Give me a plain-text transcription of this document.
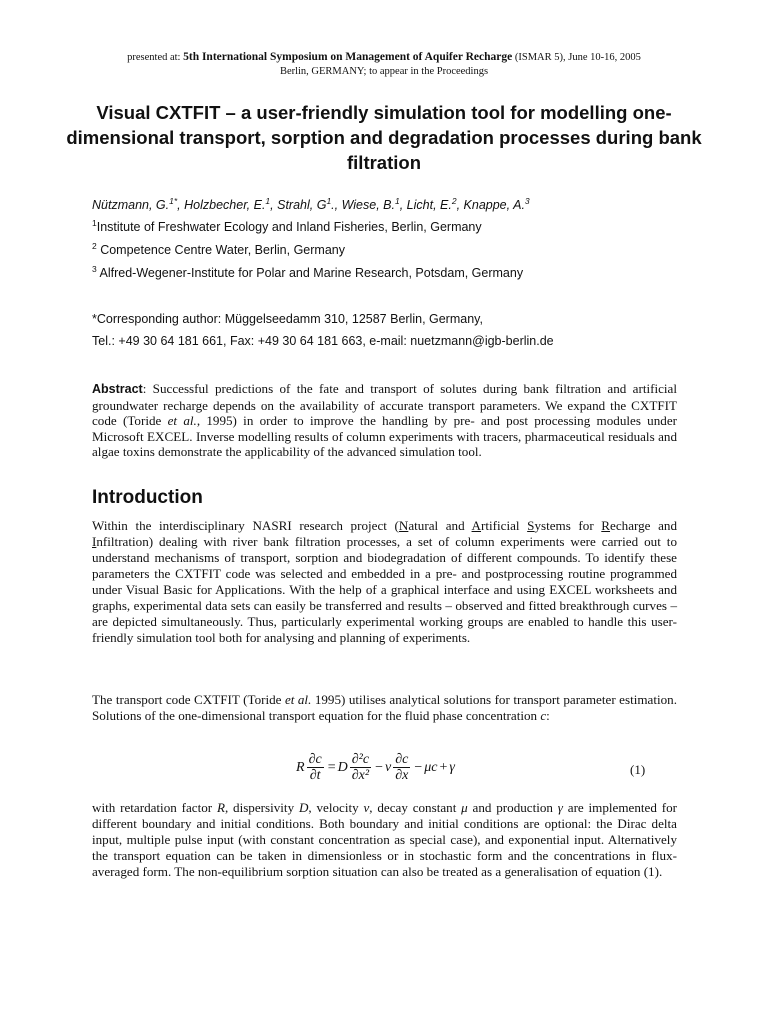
presented at: 5th International Symposium on Management of Aquifer Recharge (ISMAR 5), June 10-16, 2005
Berlin, GERMANY; to appear in the Proceedings
Visual CXTFIT – a user-friendly simulation tool for modelling one-dimensional transport, sorption and degradation processes during bank filtration
Nützmann, G.$^{1*}$, Holzbecher, E.$^1$, Strahl, $G^1$., Wiese, B.$^1$, Licht, E.$^2$, Knappe, A.$^3$
$^1$Institute of Freshwater Ecology and Inland Fisheries, Berlin, Germany
$^2$ Competence Centre Water, Berlin, Germany
$^3$ Alfred-Wegener-Institute for Polar and Marine Research, Potsdam, Germany
*Corresponding author: Müggelseedamm 310, 12587 Berlin, Germany,
Tel.: +49 30 64 181 661, Fax: +49 30 64 181 663, e-mail: nuetzmann@igb-berlin.de
Abstract: Successful predictions of the fate and transport of solutes during bank filtration and artificial groundwater recharge depends on the availability of accurate transport parameters. We expand the CXTFIT code (Toride et al., 1995) in order to improve the handling by pre- and post processing modules under Microsoft EXCEL. Inverse modelling results of column experiments with tracers, pharmaceutical residuals and algae toxins demonstrate the applicability of the advanced simulation tool.
Introduction
Within the interdisciplinary NASRI research project (Natural and Artificial Systems for Recharge and Infiltration) dealing with river bank filtration processes, a set of column experiments were carried out to understand mechanisms of transport, sorption and biodegradation of different compounds. To identify these parameters the CXTFIT code was selected and embedded in a pre- and postprocessing routine programmed under Visual Basic for Applications. With the help of a graphical interface and using EXCEL worksheets and graphs, experimental data sets can easily be transferred and results – observed and fitted breakthrough curves – are depicted simultaneously. Thus, particularly experimental working groups are enabled to handle this user-friendly simulation tool both for analysing and planning of experiments.
The transport code CXTFIT (Toride et al. 1995) utilises analytical solutions for transport parameter estimation. Solutions of the one-dimensional transport equation for the fluid phase concentration c:
R $\frac{\partial c}{\partial t} = D \frac{\text{∂²c}}{\text{∂x²}} - v \frac{\partial c}{\partial x} - \mu c + \gamma$	(1)
with retardation factor R, dispersivity D, velocity v, decay constant μ and production γ are implemented for different boundary and initial conditions. Both boundary and initial conditions are optional: the Dirac delta input, multiple pulse input (with constant concentration as special case), and exponential input. Alternatively the transport equation can be taken in dimensionless or in stochastic form and the concentrations in flux-averaged form. The non-equilibrium sorption situation can also be treated as a generalisation of equation (1).
